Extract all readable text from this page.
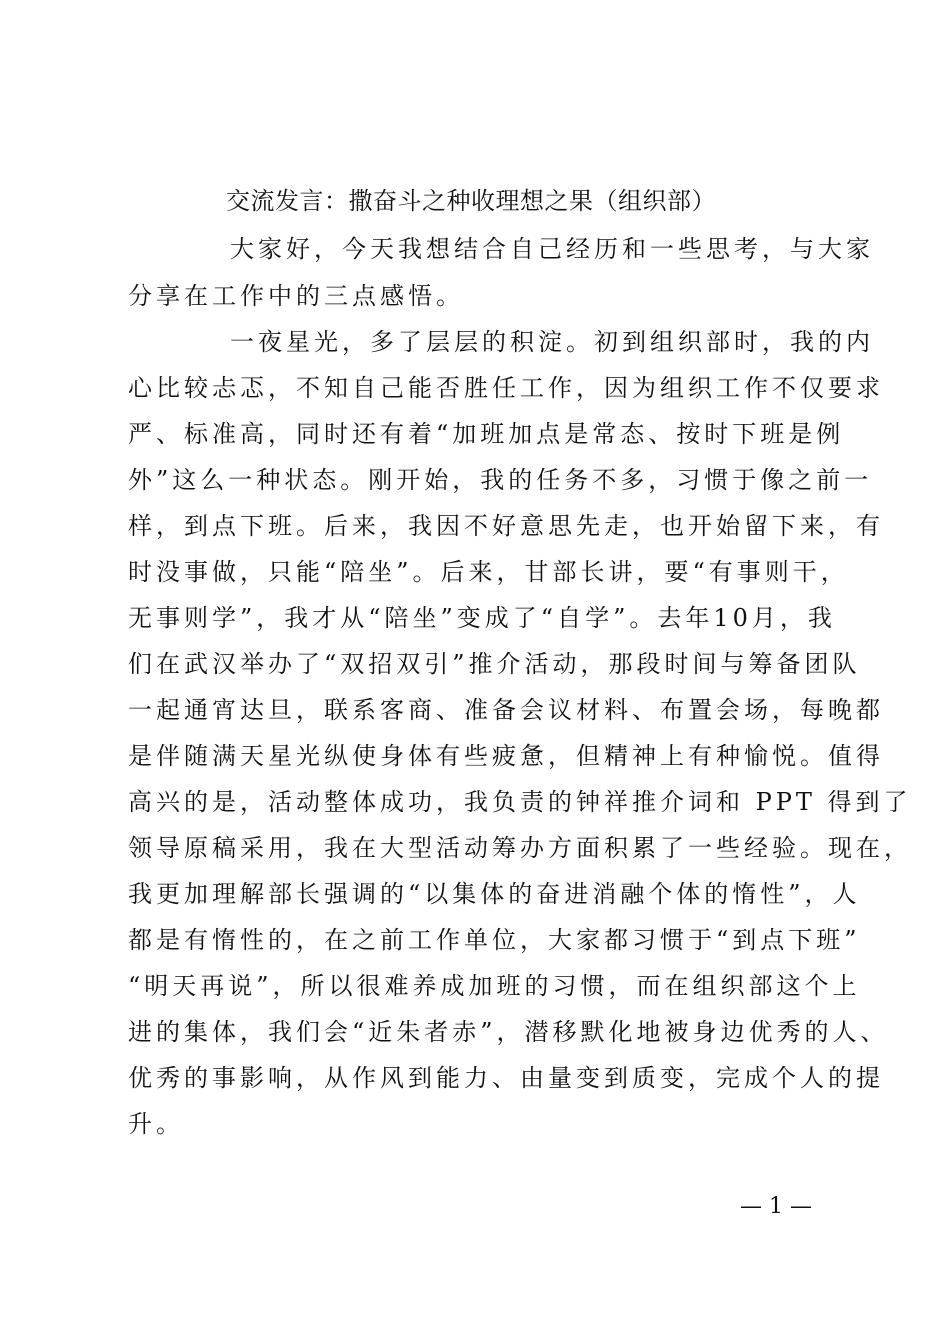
交流发言：撒奋斗之种收理想之果（组织部）
大家好，今天我想结合自己经历和一些思考，与大家
分享在工作中的三点感悟。
一夜星光，多了层层的积淀。初到组织部时，我的内
心比较忐忑，不知自己能否胜任工作，因为组织工作不仅要求
严、标准高，同时还有着“加班加点是常态、按时下班是例
外”这么一种状态。刚开始，我的任务不多，习惯于像之前一
样，到点下班。后来，我因不好意思先走，也开始留下来，有
时没事做，只能“陪坐”。后来，甘部长讲，要“有事则干，
无事则学”，我才从“陪坐”变成了“自学”。去年10月，我
们在武汉举办了“双招双引”推介活动，那段时间与筹备团队
一起通宵达旦，联系客商、准备会议材料、布置会场，每晚都
是伴随满天星光纵使身体有些疲惫，但精神上有种愉悦。值得
高兴的是，活动整体成功，我负责的钟祥推介词和 PPT 得到了
领导原稿采用，我在大型活动筹办方面积累了一些经验。现在，
我更加理解部长强调的“以集体的奋进消融个体的惰性”，人
都是有惰性的，在之前工作单位，大家都习惯于“到点下班”
“明天再说”，所以很难养成加班的习惯，而在组织部这个上
进的集体，我们会“近朱者赤”，潜移默化地被身边优秀的人、
优秀的事影响，从作风到能力、由量变到质变，完成个人的提
升。
— 1 —
